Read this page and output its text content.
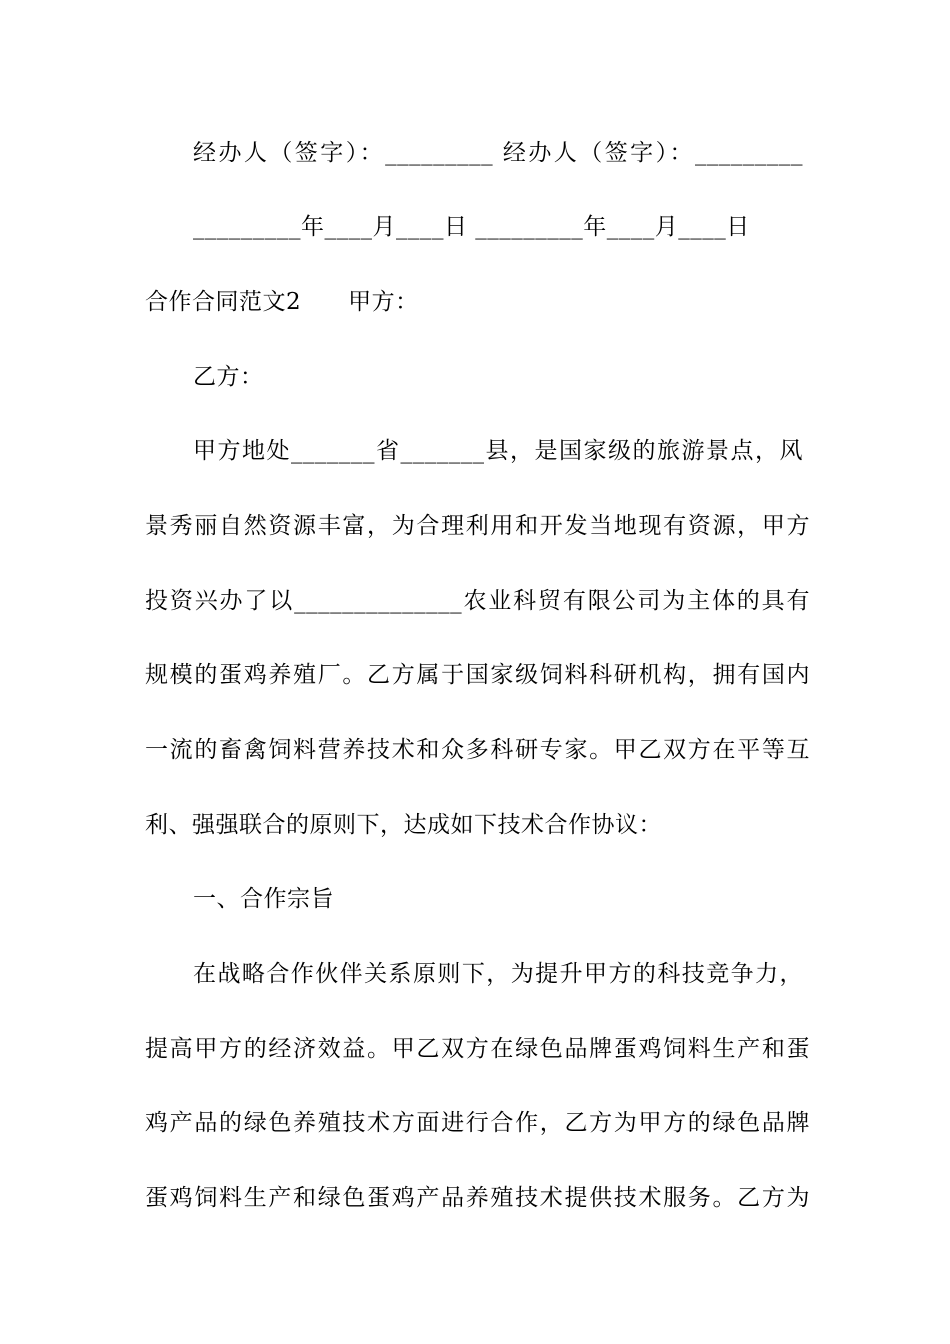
经办人（签字）：_________ 经办人（签字）：_________
_________年____月____日 _________年____月____日
合作合同范文2　　甲方：
乙方：
甲方地处_______省_______县，是国家级的旅游景点，风
景秀丽自然资源丰富，为合理利用和开发当地现有资源，甲方
投资兴办了以______________农业科贸有限公司为主体的具有
规模的蛋鸡养殖厂。乙方属于国家级饲料科研机构，拥有国内
一流的畜禽饲料营养技术和众多科研专家。甲乙双方在平等互
利、强强联合的原则下，达成如下技术合作协议：
一、合作宗旨
在战略合作伙伴关系原则下，为提升甲方的科技竞争力，
提高甲方的经济效益。甲乙双方在绿色品牌蛋鸡饲料生产和蛋
鸡产品的绿色养殖技术方面进行合作，乙方为甲方的绿色品牌
蛋鸡饲料生产和绿色蛋鸡产品养殖技术提供技术服务。乙方为
